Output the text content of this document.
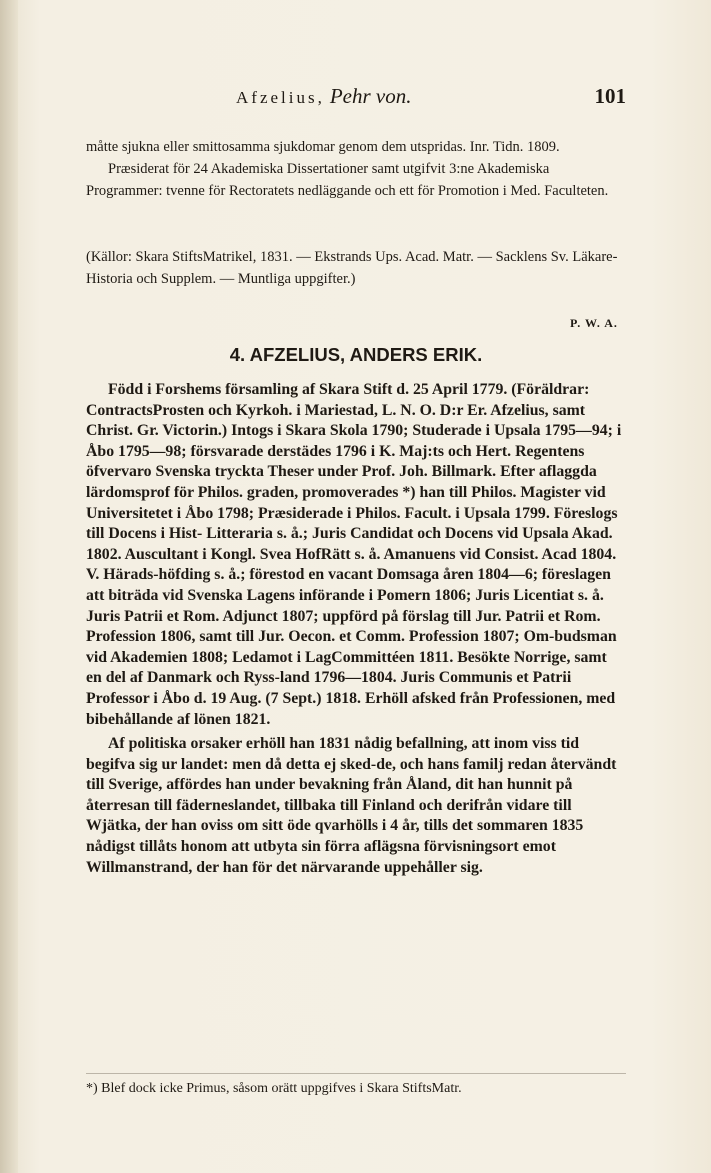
Afzelius, Pehr von.	101

måtte sjukna eller smittosamma sjukdomar genom dem utspridas. Inr. Tidn. 1809.

Præsiderat för 24 Akademiska Dissertationer samt utgifvit 3:ne Akademiska Programmer: tvenne för Rectoratets nedläggande och ett för Promotion i Med. Faculteten.

(Källor: Skara StiftsMatrikel, 1831. — Ekstrands Ups. Acad. Matr. — Sacklens Sv. Läkare-Historia och Supplem. — Muntliga uppgifter.)

P. W. A.
4. AFZELIUS, ANDERS ERIK.

Född i Forshems församling af Skara Stift d. 25 April 1779. (Föräldrar: ContractsProsten och Kyrkoh. i Mariestad, L. N. O. D:r Er. Afzelius, samt Christ. Gr. Victorin.) Intogs i Skara Skola 1790; Studerade i Upsala 1795—94; i Åbo 1795—98; försvarade derstädes 1796 i K. Maj:ts och Hert. Regentens öfvervaro Svenska tryckta Theser under Prof. Joh. Billmark. Efter aflaggda lärdomsprof för Philos. graden, promoverades *) han till Philos. Magister vid Universitetet i Åbo 1798; Præsiderade i Philos. Facult. i Upsala 1799. Föreslogs till Docens i Hist- Litteraria s. å.; Juris Candidat och Docens vid Upsala Akad. 1802. Auscultant i Kongl. Svea HofRätt s. å. Amanuens vid Consist. Acad 1804. V. Härads-höfding s. å.; förestod en vacant Domsaga åren 1804—6; föreslagen att biträda vid Svenska Lagens införande i Pomern 1806; Juris Licentiat s. å. Juris Patrii et Rom. Adjunct 1807; uppförd på förslag till Jur. Patrii et Rom. Profession 1806, samt till Jur. Oecon. et Comm. Profession 1807; Om-budsman vid Akademien 1808; Ledamot i LagCommittéen 1811. Besökte Norrige, samt en del af Danmark och Ryss-land 1796—1804. Juris Communis et Patrii Professor i Åbo d. 19 Aug. (7 Sept.) 1818. Erhöll afsked från Professionen, med bibehållande af lönen 1821.

Af politiska orsaker erhöll han 1831 nådig befallning, att inom viss tid begifva sig ur landet: men då detta ej sked-de, och hans familj redan återvändt till Sverige, affördes han under bevakning från Åland, dit han hunnit på återresan till fäderneslandet, tillbaka till Finland och derifrån vidare till Wjätka, der han oviss om sitt öde qvarhölls i 4 år, tills det sommaren 1835 nådigst tillåts honom att utbyta sin förra aflägsna förvisningsort emot Willmanstrand, der han för det närvarande uppehåller sig.

*) Blef dock icke Primus, såsom orätt uppgifves i Skara StiftsMatr.
